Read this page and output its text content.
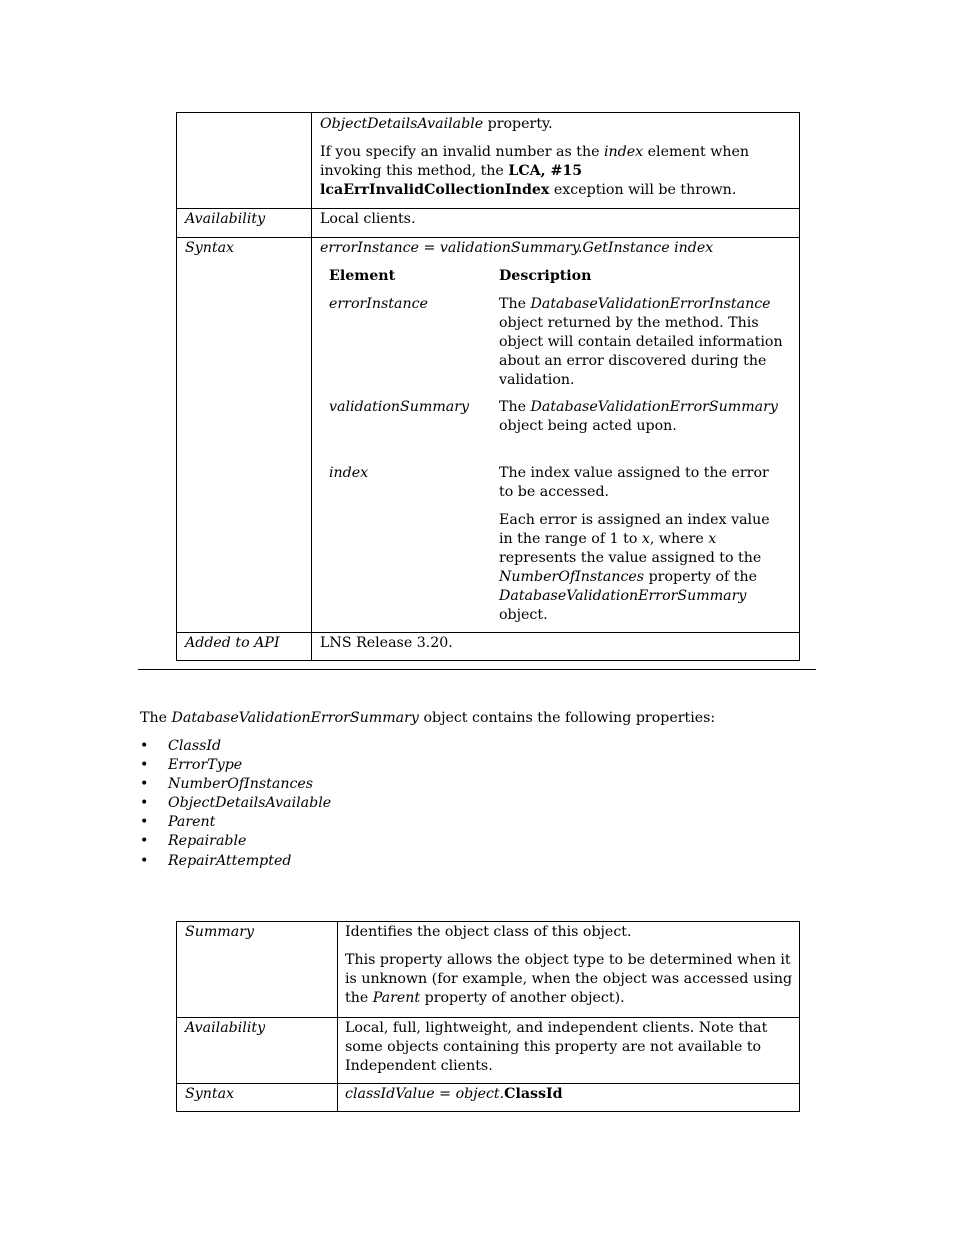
ObjectDetailsAvailable property.

If you specify an invalid number as the index element when invoking this method, the LCA, #15 lcaErrInvalidCollectionIndex exception will be thrown.

Availability	Local clients.
Syntax	errorInstance = validationSummary.GetInstance index
Element	Description
errorInstance	The DatabaseValidationErrorInstance object returned by the method. This object will contain detailed information about an error discovered during the validation.
validationSummary The DatabaseValidationErrorSummary object being acted upon.
index	The index value assigned to the error to be accessed.

Each error is assigned an index value in the range of 1 to x, where x represents the value assigned to the NumberOfInstances property of the DatabaseValidationErrorSummary object.

Added to API	LNS Release 3.20.

The DatabaseValidationErrorSummary object contains the following properties:

• ClassId
• ErrorType
• NumberOfInstances
• ObjectDetailsAvailable
• Parent
• Repairable
• RepairAttempted
Summary	Identifies the object class of this object.

This property allows the object type to be determined when it is unknown (for example, when the object was accessed using the Parent property of another object).

Availability	Local, full, lightweight, and independent clients. Note that some objects containing this property are not available to Independent clients.
Syntax	classIdValue = object.ClassId
